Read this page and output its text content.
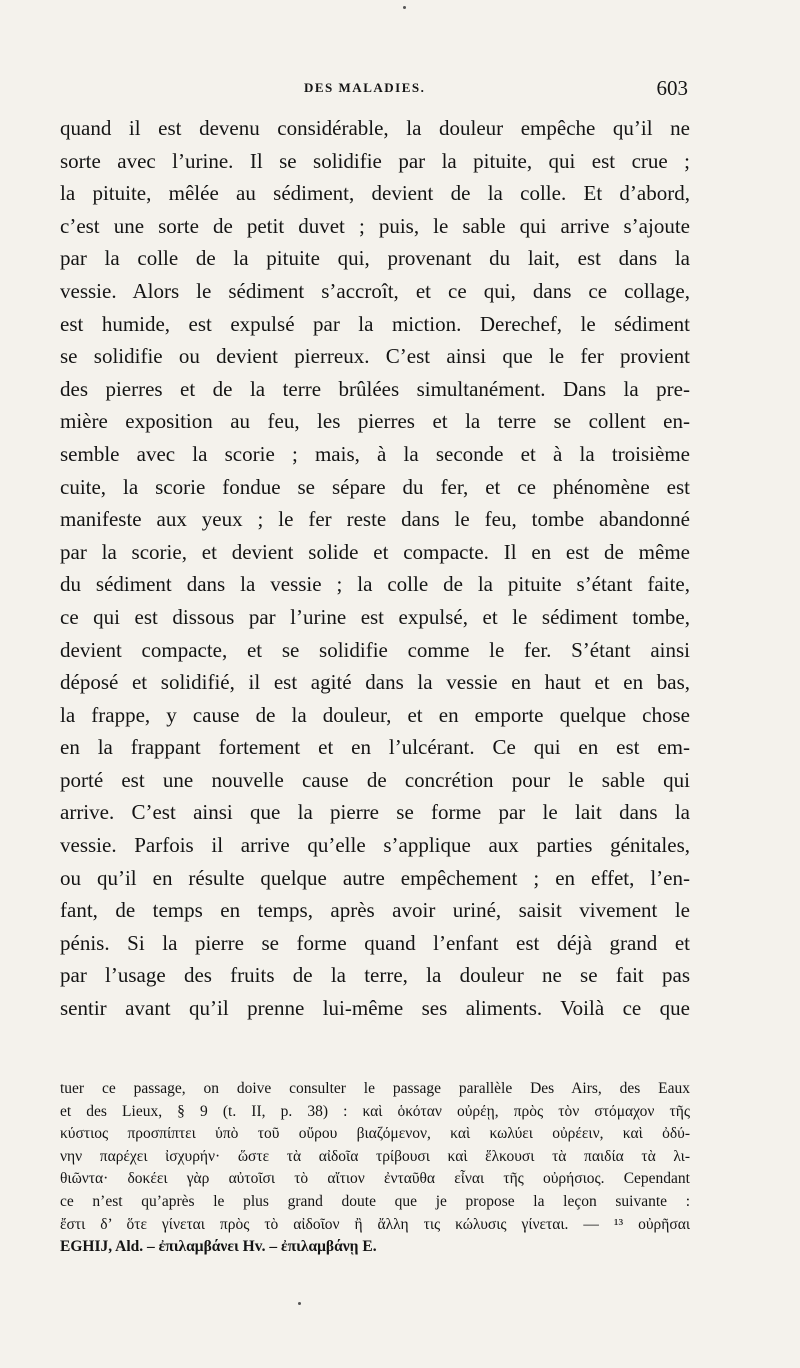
DES MALADIES.	603
quand il est devenu considérable, la douleur empêche qu’il ne
sorte avec l’urine. Il se solidifie par la pituite, qui est crue ;
la pituite, mêlée au sédiment, devient de la colle. Et d’abord,
c’est une sorte de petit duvet ; puis, le sable qui arrive s’ajoute
par la colle de la pituite qui, provenant du lait, est dans la
vessie. Alors le sédiment s’accroît, et ce qui, dans ce collage,
est humide, est expulsé par la miction. Derechef, le sédiment
se solidifie ou devient pierreux. C’est ainsi que le fer provient
des pierres et de la terre brûlées simultanément. Dans la pre-
mière exposition au feu, les pierres et la terre se collent en-
semble avec la scorie ; mais, à la seconde et à la troisième
cuite, la scorie fondue se sépare du fer, et ce phénomène est
manifeste aux yeux ; le fer reste dans le feu, tombe abandonné
par la scorie, et devient solide et compacte. Il en est de même
du sédiment dans la vessie ; la colle de la pituite s’étant faite,
ce qui est dissous par l’urine est expulsé, et le sédiment tombe,
devient compacte, et se solidifie comme le fer. S’étant ainsi
déposé et solidifié, il est agité dans la vessie en haut et en bas,
la frappe, y cause de la douleur, et en emporte quelque chose
en la frappant fortement et en l’ulcérant. Ce qui en est em-
porté est une nouvelle cause de concrétion pour le sable qui
arrive. C’est ainsi que la pierre se forme par le lait dans la
vessie. Parfois il arrive qu’elle s’applique aux parties génitales,
ou qu’il en résulte quelque autre empêchement ; en effet, l’en-
fant, de temps en temps, après avoir uriné, saisit vivement le
pénis. Si la pierre se forme quand l’enfant est déjà grand et
par l’usage des fruits de la terre, la douleur ne se fait pas
sentir avant qu’il prenne lui-même ses aliments. Voilà ce que
tuer ce passage, on doive consulter le passage parallèle Des Airs, des Eaux
et des Lieux, § 9 (t. II, p. 38) : καὶ ὁκόταν οὐρέῃ, πρὸς τὸν στόμαχον τῆς
κύστιος προσπίπτει ὑπὸ τοῦ οὔρου βιαζόμενον, καὶ κωλύει οὐρέειν, καὶ ὀδύ-
νην παρέχει ἰσχυρήν· ὥστε τὰ αἰδοῖα τρίβουσι καὶ ἕλκουσι τὰ παιδία τὰ λι-
θιῶντα· δοκέει γὰρ αὐτοῖσι τὸ αἴτιον ἐνταῦθα εἶναι τῆς οὐρήσιος. Cependant
ce n’est qu’après le plus grand doute que je propose la leçon suivante :
ἔστι δ’ ὅτε γίνεται πρὸς τὸ αἰδοῖον ἢ ἄλλη τις κώλυσις γίνεται. — ¹³ οὐρῆσαι
EGHIJ, Ald. – ἐπιλαμβάνει Hv. – ἐπιλαμβάνῃ E.
